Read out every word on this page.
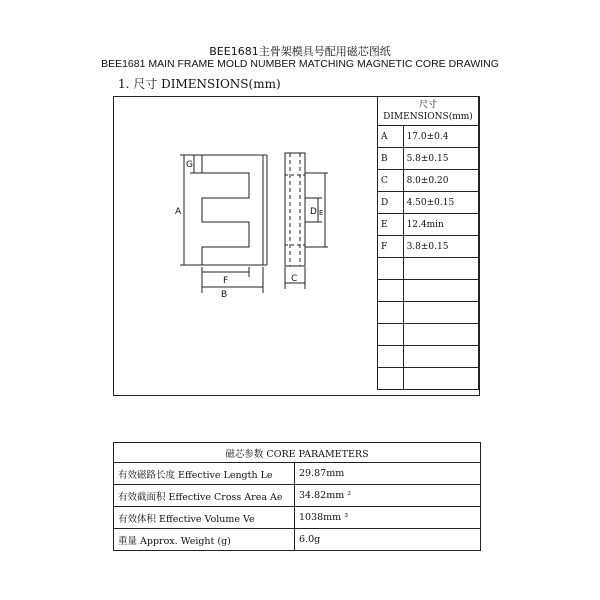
BEE1681主骨架模具号配用磁芯图纸
BEE1681 MAIN FRAME MOLD NUMBER MATCHING MAGNETIC CORE DRAWING
1. 尺寸 DIMENSIONS(mm)
A
G
F
B
C
D E
尺寸
DIMENSIONS(mm)	

A	17.0±0.4
B	5.8±0.15
C	8.0±0.20
D	4.50±0.15
E	12.4min
F	3.8±0.15

磁芯参数 CORE PARAMETERS	
有效磁路长度 Effective Length Le	29.87mm
有效截面积 Effective Cross Area Ae	34.82mm ²
有效体积 Effective Volume Ve	1038mm ³
重量 Approx. Weight (g)	6.0g
